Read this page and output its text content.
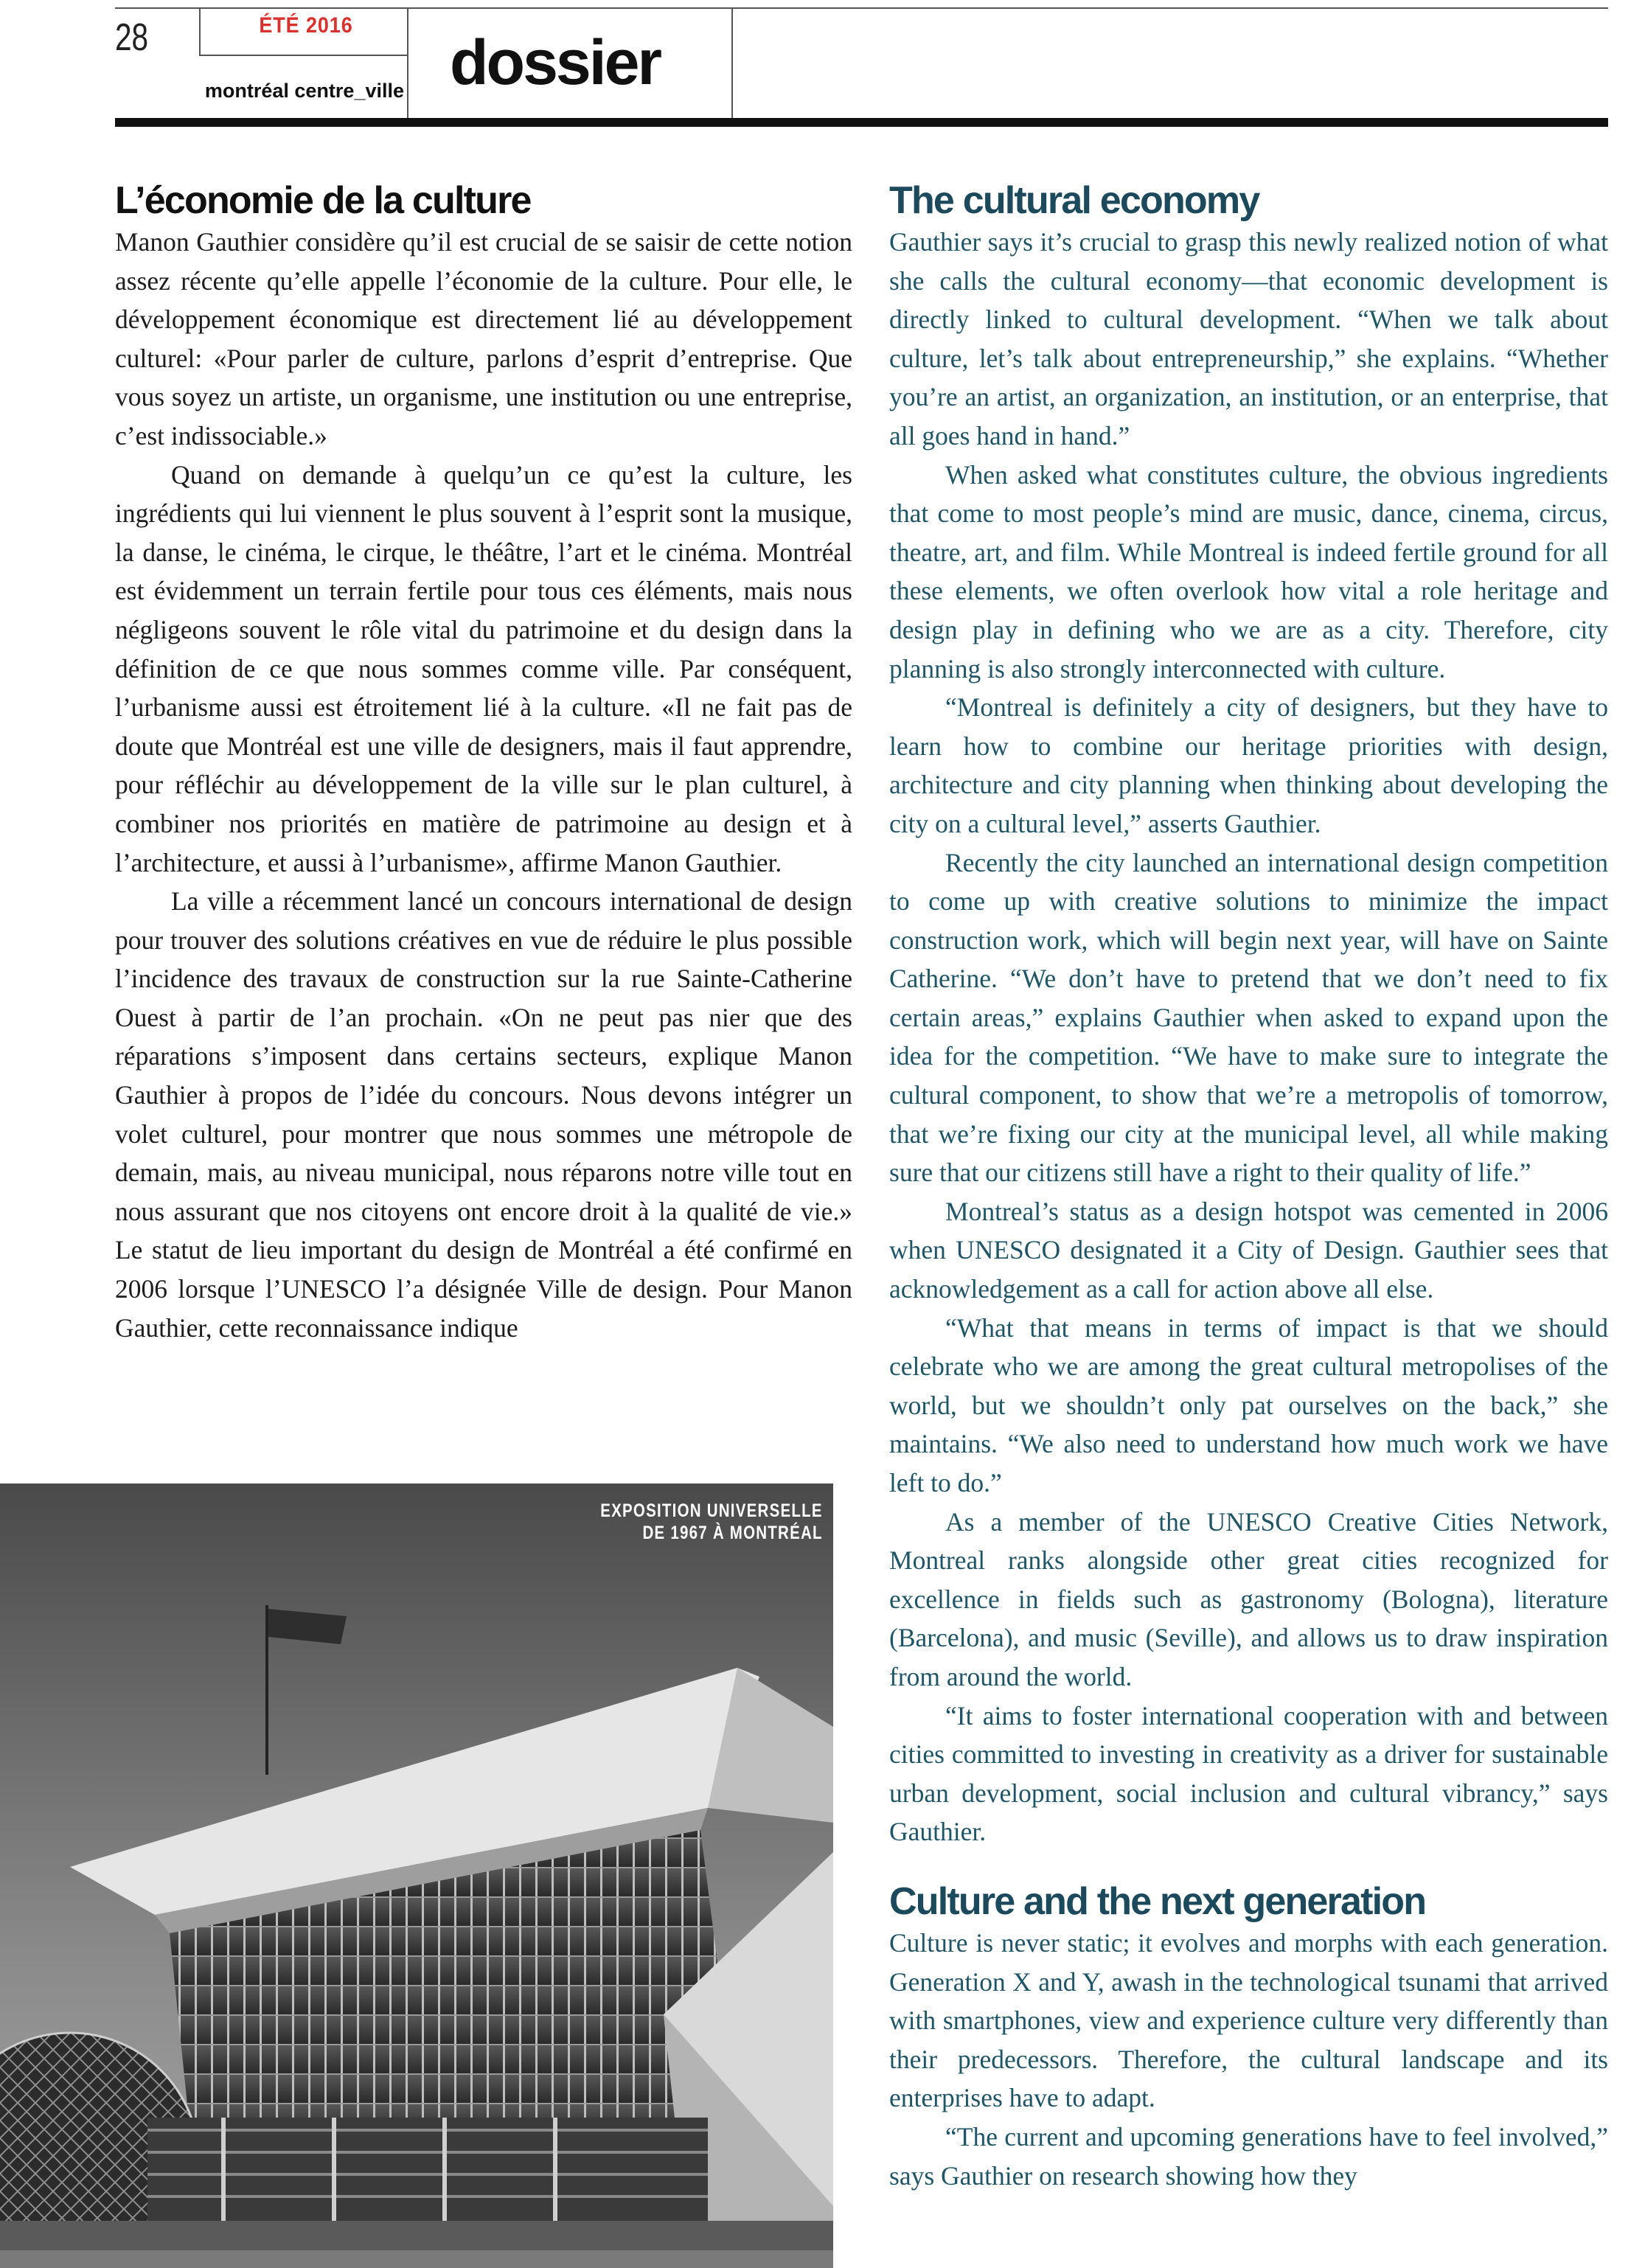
28	ÉTÉ 2016
montréal centre_ville dossier
L’économie de la culture

Manon Gauthier considère qu’il est crucial de se saisir de cette notion assez récente qu’elle appelle l’économie de la culture. Pour elle, le développement économique est directement lié au développement culturel: «Pour parler de culture, parlons d’esprit d’entreprise. Que vous soyez un artiste, un organisme, une institution ou une entreprise, c’est indissociable.»

Quand on demande à quelqu’un ce qu’est la culture, les ingrédients qui lui viennent le plus souvent à l’esprit sont la musique, la danse, le cinéma, le cirque, le théâtre, l’art et le cinéma. Montréal est évidemment un terrain fertile pour tous ces éléments, mais nous négligeons souvent le rôle vital du patrimoine et du design dans la définition de ce que nous sommes comme ville. Par conséquent, l’urbanisme aussi est étroitement lié à la culture. «Il ne fait pas de doute que Montréal est une ville de designers, mais il faut apprendre, pour réfléchir au développement de la ville sur le plan culturel, à combiner nos priorités en matière de patrimoine au design et à l’architecture, et aussi à l’urbanisme», affirme Manon Gauthier.

La ville a récemment lancé un concours international de design pour trouver des solutions créatives en vue de réduire le plus possible l’incidence des travaux de construction sur la rue Sainte-Catherine Ouest à partir de l’an prochain. «On ne peut pas nier que des réparations s’imposent dans certains secteurs, explique Manon Gauthier à propos de l’idée du concours. Nous devons intégrer un volet culturel, pour montrer que nous sommes une métropole de demain, mais, au niveau municipal, nous réparons notre ville tout en nous assurant que nos citoyens ont encore droit à la qualité de vie.» Le statut de lieu important du design de Montréal a été confirmé en 2006 lorsque l’UNESCO l’a désignée Ville de design. Pour Manon Gauthier, cette reconnaissance indique

EXPOSITION UNIVERSELLE
DE 1967 À MONTRÉAL
The cultural economy

Gauthier says it’s crucial to grasp this newly realized notion of what she calls the cultural economy—that economic development is directly linked to cultural development. “When we talk about culture, let’s talk about entrepreneurship,” she explains. “Whether you’re an artist, an organization, an institution, or an enterprise, that all goes hand in hand.”

When asked what constitutes culture, the obvious ingredients that come to most people’s mind are music, dance, cinema, circus, theatre, art, and film. While Montreal is indeed fertile ground for all these elements, we often overlook how vital a role heritage and design play in defining who we are as a city. Therefore, city planning is also strongly interconnected with culture.

“Montreal is definitely a city of designers, but they have to learn how to combine our heritage priorities with design, architecture and city planning when thinking about developing the city on a cultural level,” asserts Gauthier.

Recently the city launched an international design competition to come up with creative solutions to minimize the impact construction work, which will begin next year, will have on Sainte Catherine. “We don’t have to pretend that we don’t need to fix certain areas,” explains Gauthier when asked to expand upon the idea for the competition. “We have to make sure to integrate the cultural component, to show that we’re a metropolis of tomorrow, that we’re fixing our city at the municipal level, all while making sure that our citizens still have a right to their quality of life.”

Montreal’s status as a design hotspot was cemented in 2006 when UNESCO designated it a City of Design. Gauthier sees that acknowledgement as a call for action above all else.

“What that means in terms of impact is that we should celebrate who we are among the great cultural metropolises of the world, but we shouldn’t only pat ourselves on the back,” she maintains. “We also need to understand how much work we have left to do.”

As a member of the UNESCO Creative Cities Network, Montreal ranks alongside other great cities recognized for excellence in fields such as gastronomy (Bologna), literature (Barcelona), and music (Seville), and allows us to draw inspiration from around the world.

“It aims to foster international cooperation with and between cities committed to investing in creativity as a driver for sustainable urban development, social inclusion and cultural vibrancy,” says Gauthier.

Culture and the next generation

Culture is never static; it evolves and morphs with each generation. Generation X and Y, awash in the technological tsunami that arrived with smartphones, view and experience culture very differently than their predecessors. Therefore, the cultural landscape and its enterprises have to adapt.

“The current and upcoming generations have to feel involved,” says Gauthier on research showing how they
